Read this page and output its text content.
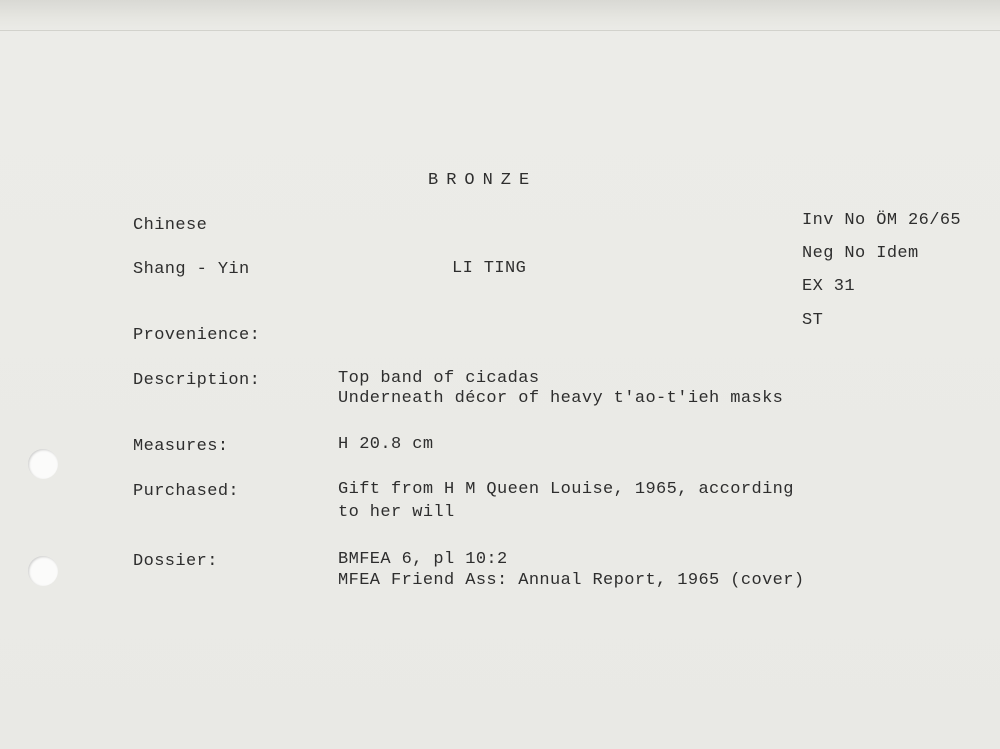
BRONZE
Chinese
Shang - Yin	LI TING
Inv No ÖM 26/65
Neg No Idem
EX 31
ST
Provenience:
Description:	Top band of cicadas
Underneath décor of heavy t'ao-t'ieh masks
Measures:	H 20.8 cm
Purchased:	Gift from H M Queen Louise, 1965, according
to her will
Dossier:	BMFEA 6, pl 10:2
MFEA Friend Ass: Annual Report, 1965 (cover)
